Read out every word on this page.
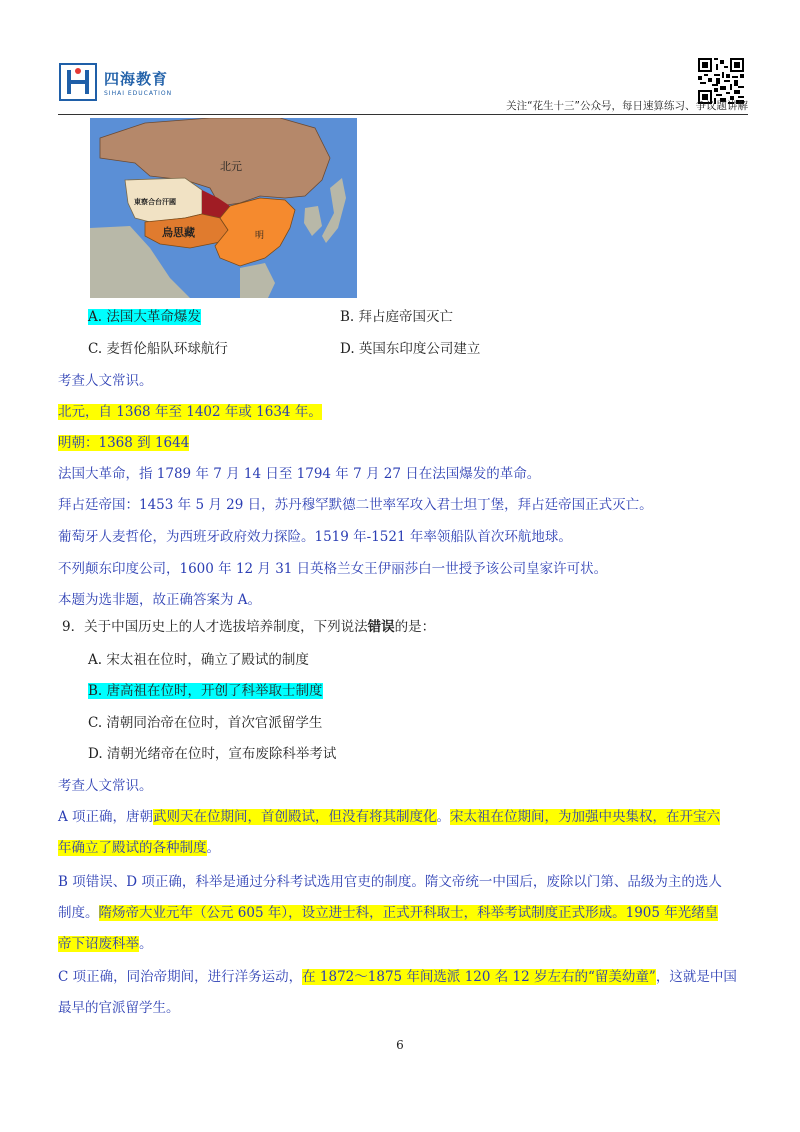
四海教育
SIHAI EDUCATION
关注“花生十三”公众号，每日速算练习、争议题讲解
北元
東察合台汗國
烏思藏	明
A. 法国大革命爆发	B. 拜占庭帝国灭亡
C. 麦哲伦船队环球航行	D. 英国东印度公司建立
考查人文常识。
北元，自 1368 年至 1402 年或 1634 年。
明朝：1368 到 1644
法国大革命，指 1789 年 7 月 14 日至 1794 年 7 月 27 日在法国爆发的革命。
拜占廷帝国：1453 年 5 月 29 日，苏丹穆罕默德二世率军攻入君士坦丁堡，拜占廷帝国正式灭亡。
葡萄牙人麦哲伦，为西班牙政府效力探险。1519 年-1521 年率领船队首次环航地球。
不列颠东印度公司，1600 年 12 月 31 日英格兰女王伊丽莎白一世授予该公司皇家许可状。
本题为选非题，故正确答案为 A。
9．关于中国历史上的人才选拔培养制度，下列说法错误的是：
A. 宋太祖在位时，确立了殿试的制度
B. 唐高祖在位时，开创了科举取士制度
C. 清朝同治帝在位时，首次官派留学生
D. 清朝光绪帝在位时，宣布废除科举考试
考查人文常识。
A 项正确，唐朝武则天在位期间，首创殿试，但没有将其制度化。宋太祖在位期间，为加强中央集权，在开宝六
年确立了殿试的各种制度。
B 项错误、D 项正确，科举是通过分科考试选用官吏的制度。隋文帝统一中国后，废除以门第、品级为主的选人
制度。隋炀帝大业元年（公元 605 年），设立进士科，正式开科取士，科举考试制度正式形成。1905 年光绪皇
帝下诏废科举。
C 项正确，同治帝期间，进行洋务运动，在 1872～1875 年间选派 120 名 12 岁左右的“留美幼童”，这就是中国
最早的官派留学生。
6
